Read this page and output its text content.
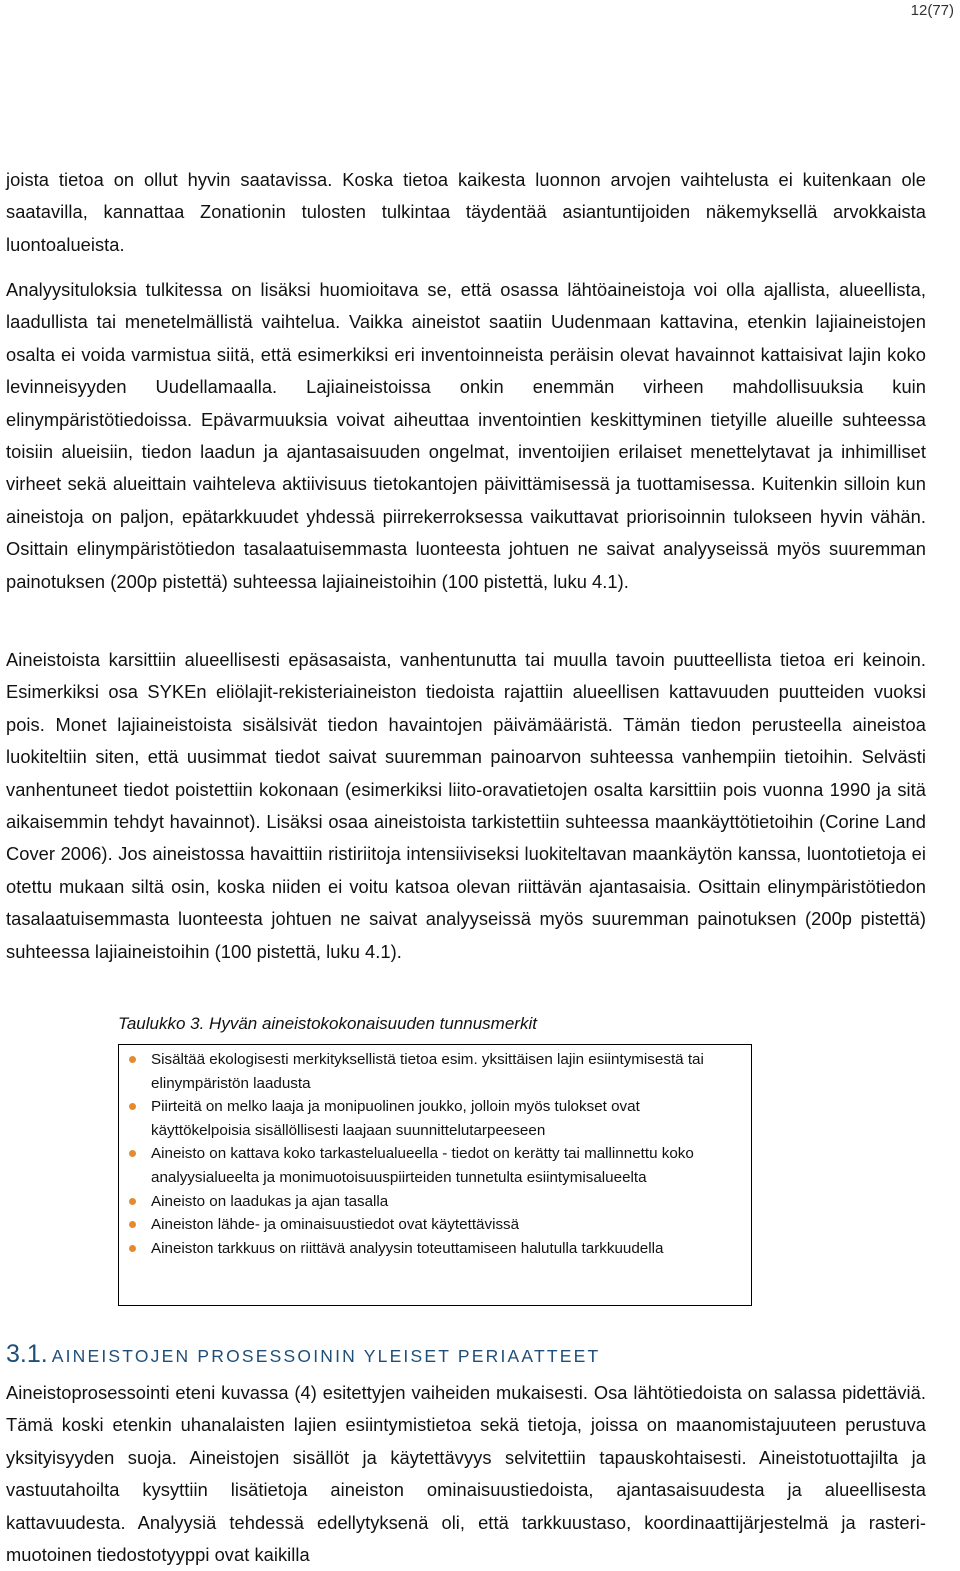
12(77)

joista tietoa on ollut hyvin saatavissa. Koska tietoa kaikesta luonnon arvojen vaihtelusta ei kuitenkaan ole saatavilla, kannattaa Zonationin tulosten tulkintaa täydentää asiantuntijoiden näkemyksellä arvokkaista luontoalueista.

Analyysituloksia tulkitessa on lisäksi huomioitava se, että osassa lähtöaineistoja voi olla ajallista, alueellista, laadullista tai menetelmällistä vaihtelua. Vaikka aineistot saatiin Uudenmaan kattavina, etenkin lajiaineistojen osalta ei voida varmistua siitä, että esimerkiksi eri inventoinneista peräisin olevat havainnot kattaisivat lajin koko levinneisyyden Uudellamaalla. Lajiaineistoissa onkin enemmän virheen mahdollisuuksia kuin elinympäristötiedoissa. Epävarmuuksia voivat aiheuttaa inventointien keskittyminen tietyille alueille suhteessa toisiin alueisiin, tiedon laadun ja ajantasaisuuden ongelmat, inventoijien erilaiset menettelytavat ja inhimilliset virheet sekä alueittain vaihteleva aktiivisuus tietokantojen päivittämisessä ja tuottamisessa. Kuitenkin silloin kun aineistoja on paljon, epätarkkuudet yhdessä piirrekerroksessa vaikuttavat priorisoinnin tulokseen hyvin vähän. Osittain elinympäristötiedon tasalaatuisemmasta luonteesta johtuen ne saivat analyyseissä myös suuremman painotuksen (200p pistettä) suhteessa lajiaineistoihin (100 pistettä, luku 4.1).

Aineistoista karsittiin alueellisesti epäsasaista, vanhentunutta tai muulla tavoin puutteellista tietoa eri keinoin. Esimerkiksi osa SYKEn eliölajit-rekisteriaineiston tiedoista rajattiin alueellisen kattavuuden puutteiden vuoksi pois. Monet lajiaineistoista sisälsivät tiedon havaintojen päivämääristä. Tämän tiedon perusteella aineistoa luokiteltiin siten, että uusimmat tiedot saivat suuremman painoarvon suhteessa vanhempiin tietoihin. Selvästi vanhentuneet tiedot poistettiin kokonaan (esimerkiksi liito-oravatietojen osalta karsittiin pois vuonna 1990 ja sitä aikaisemmin tehdyt havainnot). Lisäksi osaa aineistoista tarkistettiin suhteessa maankäyttötietoihin (Corine Land Cover 2006). Jos aineistossa havaittiin ristiriitoja intensiiviseksi luokiteltavan maankäytön kanssa, luontotietoja ei otettu mukaan siltä osin, koska niiden ei voitu katsoa olevan riittävän ajantasaisia. Osittain elinympäristötiedon tasalaatuisemmasta luonteesta johtuen ne saivat analyyseissä myös suuremman painotuksen (200p pistettä) suhteessa lajiaineistoihin (100 pistettä, luku 4.1).

Taulukko 3. Hyvän aineistokokonaisuuden tunnusmerkit
Sisältää ekologisesti merkityksellistä tietoa esim. yksittäisen lajin esiintymisestä tai elinympäristön laadusta
Piirteitä on melko laaja ja monipuolinen joukko, jolloin myös tulokset ovat käyttökelpoisia sisällöllisesti laajaan suunnittelutarpeeseen
Aineisto on kattava koko tarkastelualueella - tiedot on kerätty tai mallinnettu koko analyysialueelta ja monimuotoisuuspiirteiden tunnetulta esiintymisalueelta
Aineisto on laadukas ja ajan tasalla
Aineiston lähde- ja ominaisuustiedot ovat käytettävissä
Aineiston tarkkuus on riittävä analyysin toteuttamiseen halutulla tarkkuudella
3.1. AINEISTOJEN PROSESSOININ YLEISET PERIAATTEET

Aineistoprosessointi eteni kuvassa (4) esitettyjen vaiheiden mukaisesti. Osa lähtötiedoista on salassa pidettäviä. Tämä koski etenkin uhanalaisten lajien esiintymistietoa sekä tietoja, joissa on maanomistajuuteen perustuva yksityisyyden suoja. Aineistojen sisällöt ja käytettävyys selvitettiin tapauskohtaisesti. Aineistotuottajilta ja vastuutahoilta kysyttiin lisätietoja aineiston ominaisuustiedoista, ajantasaisuudesta ja alueellisesta kattavuudesta. Analyysiä tehdessä edellytyksenä oli, että tarkkuustaso, koordinaattijärjestelmä ja rasteri-muotoinen tiedostotyyppi ovat kaikilla
